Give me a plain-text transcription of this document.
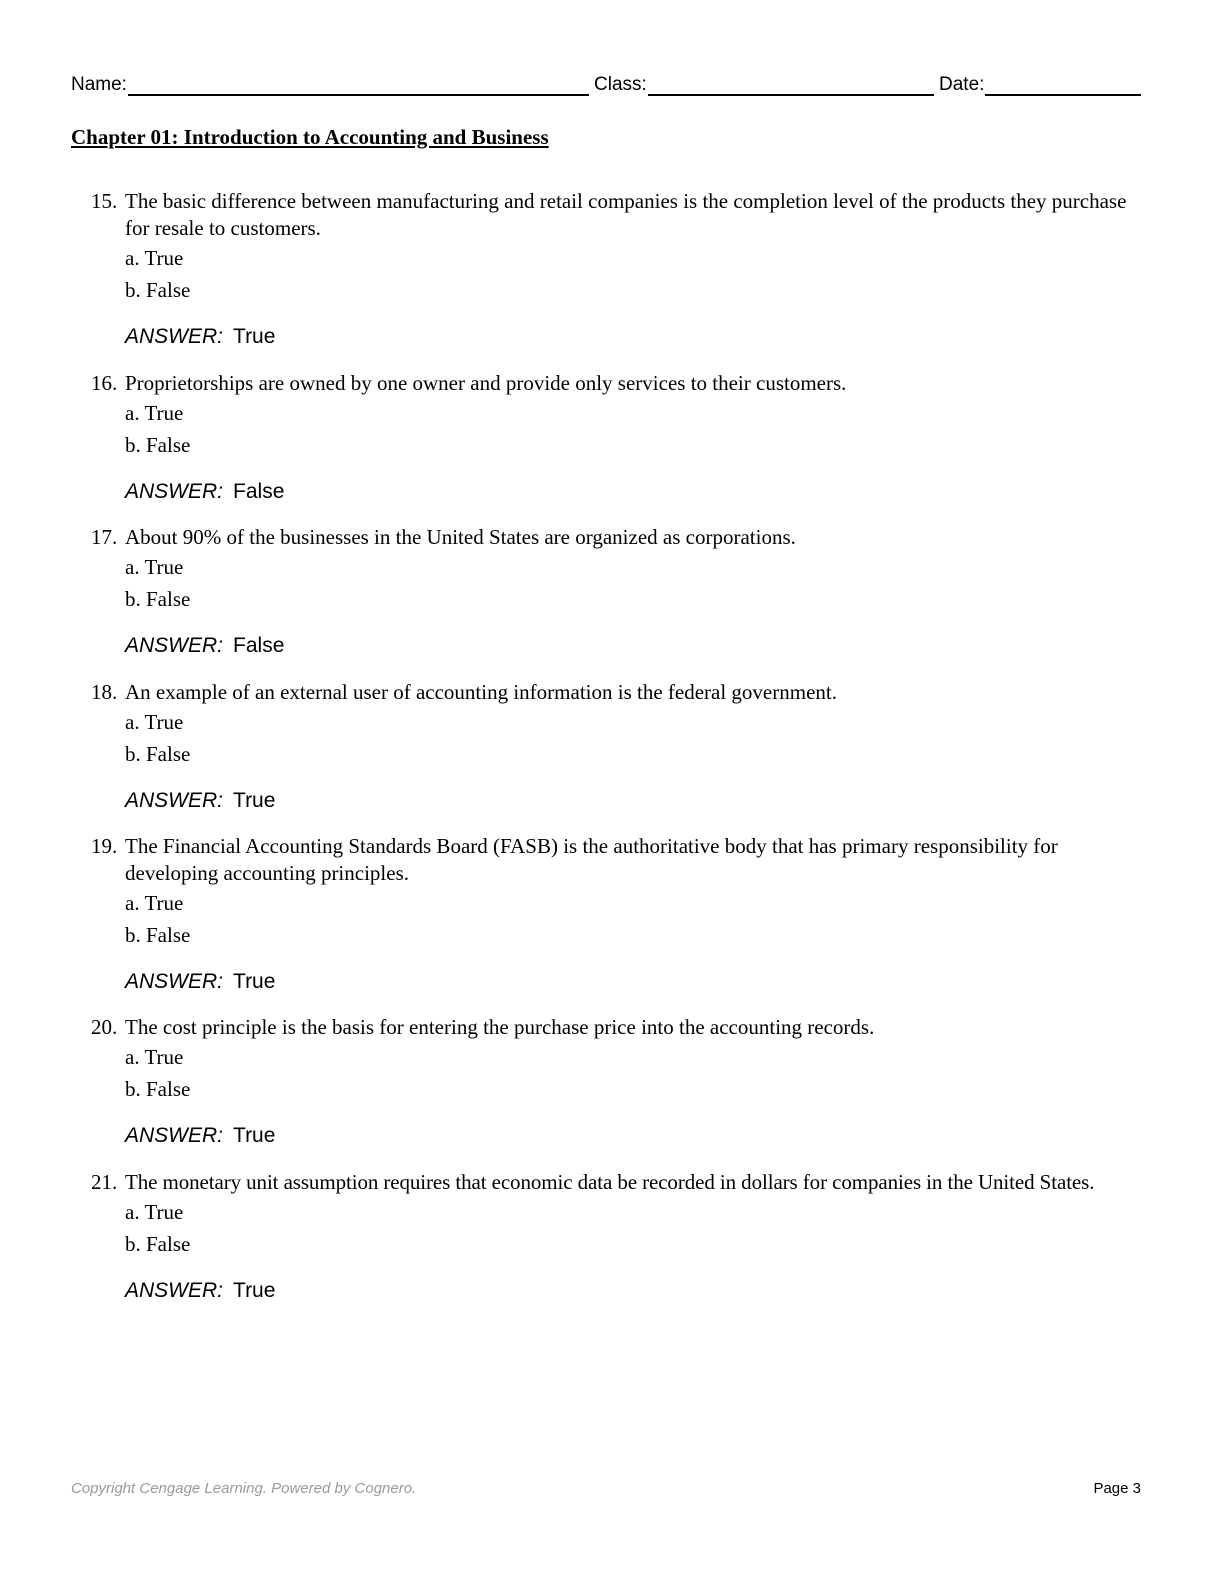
Name:	Class:	Date:
Chapter 01: Introduction to Accounting and Business
15. The basic difference between manufacturing and retail companies is the completion level of the products they purchase for resale to customers.
a. True
b. False
ANSWER: True
16. Proprietorships are owned by one owner and provide only services to their customers.
a. True
b. False
ANSWER: False
17. About 90% of the businesses in the United States are organized as corporations.
a. True
b. False
ANSWER: False
18. An example of an external user of accounting information is the federal government.
a. True
b. False
ANSWER: True
19. The Financial Accounting Standards Board (FASB) is the authoritative body that has primary responsibility for developing accounting principles.
a. True
b. False
ANSWER: True
20. The cost principle is the basis for entering the purchase price into the accounting records.
a. True
b. False
ANSWER: True
21. The monetary unit assumption requires that economic data be recorded in dollars for companies in the United States.
a. True
b. False
ANSWER: True
Copyright Cengage Learning. Powered by Cognero.	Page 3
